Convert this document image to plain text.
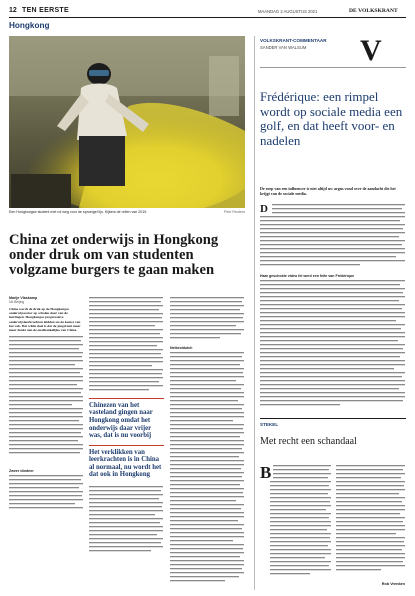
12 TEN EERSTE	MAANDAG 2 AUGUSTUS 2021	DE VOLKSKRANT
Hongkong
Een Hongkongse student met rol weg voor de sproeigel lijn. Kijkers de rellen van 2019.	Pete Reuters
China zet onderwijs in Hongkong onder druk om van studenten volgzame burgers te gaan maken
Marije Vlaskamp
Uit Beijing
China wordt de druk op de Hongkongse onderwijssector op scholen daar van de leerlingen. Hongkongse progressieve onderwijsleerkrachten leidden tot de komst van het vak. Het wilde doel is dat de jeugd niet meer meer denkt aan de onafhankelijke van China.
Zweer vlindner
Chinezen van het vasteland gingen naar Hongkong omdat het onderwijs daar vrijer was, dat is nu voorbij
Het verklikken van leerkrachten is in China al normaal, nu wordt het dat ook in Hongkong
Netbeoldutch
VOLKSKRANT-COMMENTAAR
SANDER VAN WALSUM V
Frédérique: een rimpel wordt op sociale media een golf, en dat heeft voor- en nadelen
De roep van een influencer is niet altijd uw argus vond over de aandacht die het krijgt van de sociale media.
D
Haar geschokte video fel werd een feite van Frédérique
STEKEL
Met recht een schandaal
B
Rob Vrenken
